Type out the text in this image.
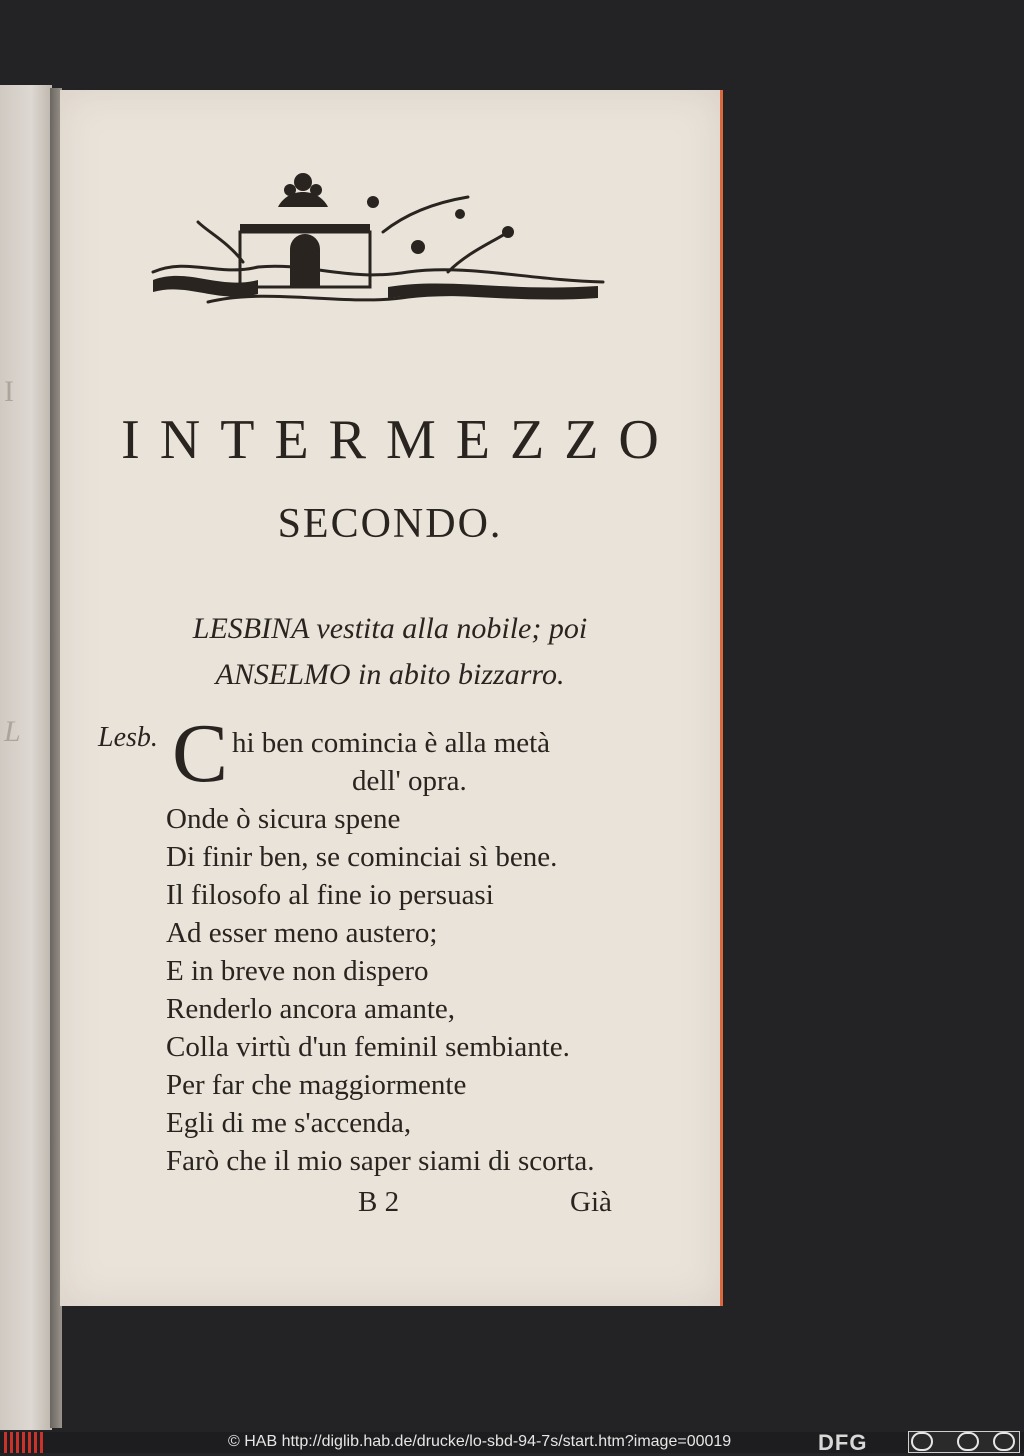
I
L
INTERMEZZO
SECONDO.
LESBINA vestita alla nobile; poi
ANSELMO in abito bizzarro.
Lesb. C hi ben comincia è alla metà
dell' opra.
Onde ò sicura spene
Di finir ben, se cominciai sì bene.
Il filosofo al fine io persuasi
Ad esser meno austero;
E in breve non dispero
Renderlo ancora amante,
Colla virtù d'un feminil sembiante.
Per far che maggiormente
Egli di me s'accenda,
Farò che il mio saper siami di scorta.
B 2	Già
© HAB http://diglib.hab.de/drucke/lo-sbd-94-7s/start.htm?image=00019	DFG
